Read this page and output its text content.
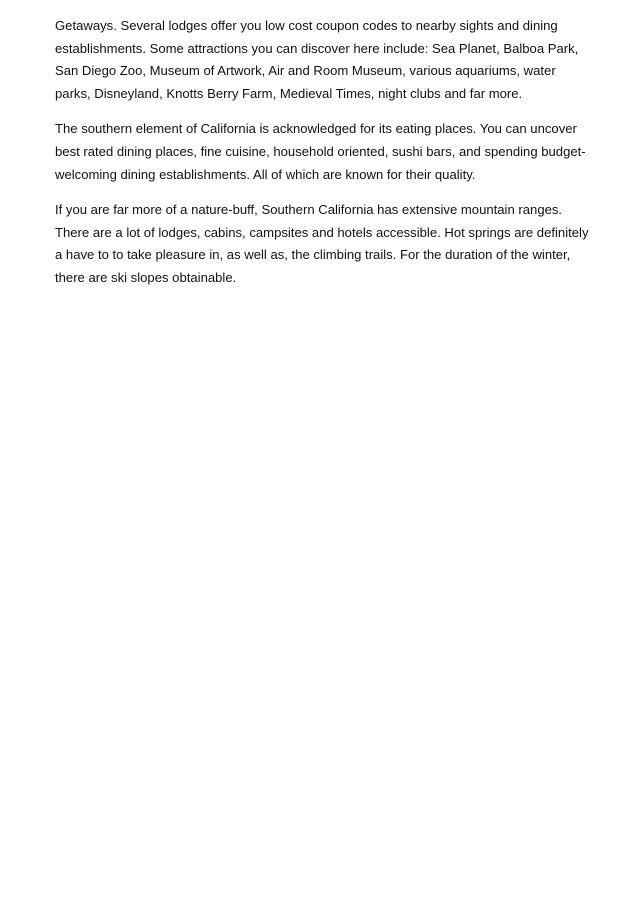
Getaways. Several lodges offer you low cost coupon codes to nearby sights and dining
establishments. Some attractions you can discover here include: Sea Planet, Balboa Park,
San Diego Zoo, Museum of Artwork, Air and Room Museum, various aquariums, water
parks, Disneyland, Knotts Berry Farm, Medieval Times, night clubs and far more.

The southern element of California is acknowledged for its eating places. You can uncover
best rated dining places, fine cuisine, household oriented, sushi bars, and spending budget-
welcoming dining establishments. All of which are known for their quality.

If you are far more of a nature-buff, Southern California has extensive mountain ranges.
There are a lot of lodges, cabins, campsites and hotels accessible. Hot springs are definitely
a have to to take pleasure in, as well as, the climbing trails. For the duration of the winter,
there are ski slopes obtainable.
